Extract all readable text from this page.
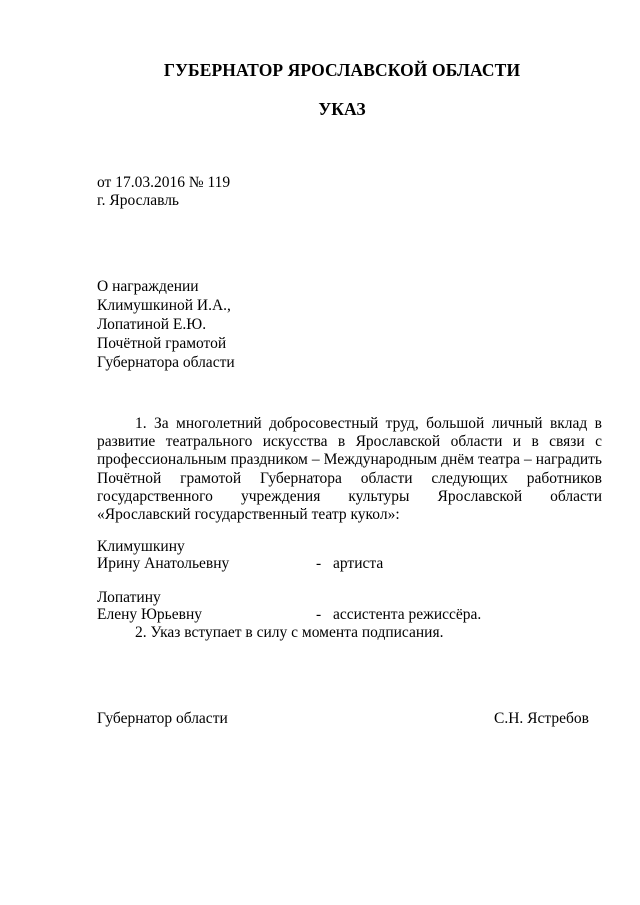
ГУБЕРНАТОР ЯРОСЛАВСКОЙ ОБЛАСТИ
УКАЗ
от 17.03.2016 № 119
г. Ярославль
О награждении
Климушкиной И.А.,
Лопатиной Е.Ю.
Почётной грамотой
Губернатора области
1. За многолетний добросовестный труд, большой личный вклад в развитие театрального искусства в Ярославской области и в связи с профессиональным праздником – Международным днём театра – наградить Почётной грамотой Губернатора области следующих работников государственного учреждения культуры Ярославской области «Ярославский государственный театр кукол»:
Климушкину
Ирину Анатольевну	- артиста
Лопатину
Елену Юрьевну	- ассистента режиссёра.
2. Указ вступает в силу с момента подписания.
Губернатор области	С.Н. Ястребов
